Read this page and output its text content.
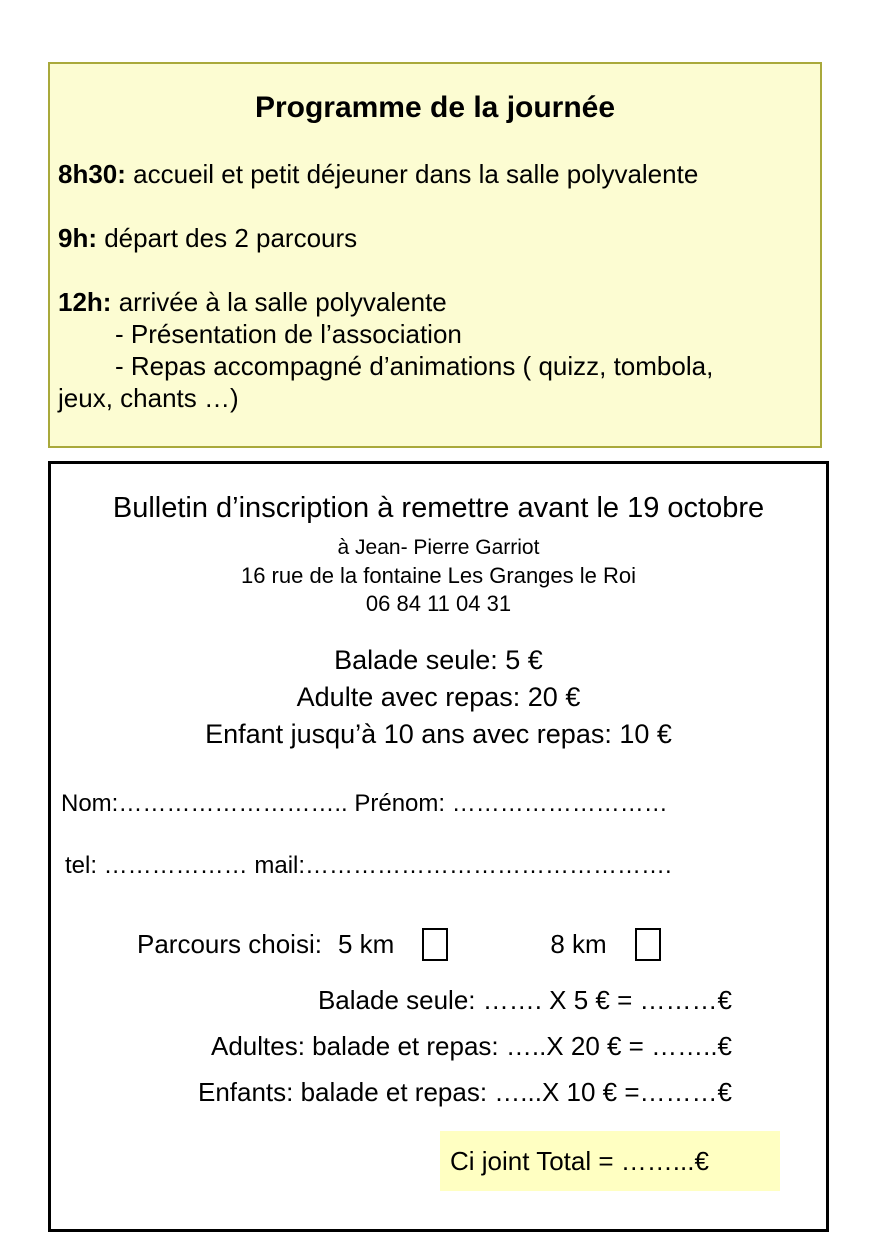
Programme de la journée
8h30: accueil et petit déjeuner dans la salle polyvalente
9h: départ des 2 parcours
12h: arrivée à la salle polyvalente
- Présentation de l’association
- Repas accompagné d’animations ( quizz, tombola,
jeux, chants …)
Bulletin d’inscription à remettre avant le 19 octobre
à Jean- Pierre Garriot
16 rue de la fontaine Les Granges le Roi
06 84 11 04 31
Balade seule: 5 €
Adulte avec repas: 20 €
Enfant jusqu’à 10 ans avec repas: 10 €
Nom:……………………….. Prénom: ………………………
tel: ……………… mail:……………………………………….
Parcours choisi: 5 km	8 km
Balade seule: ……. X 5 € = ………€
Adultes: balade et repas: …..X 20 € = ……..€
Enfants: balade et repas: …...X 10 € =………€
Ci joint Total = ……...€
